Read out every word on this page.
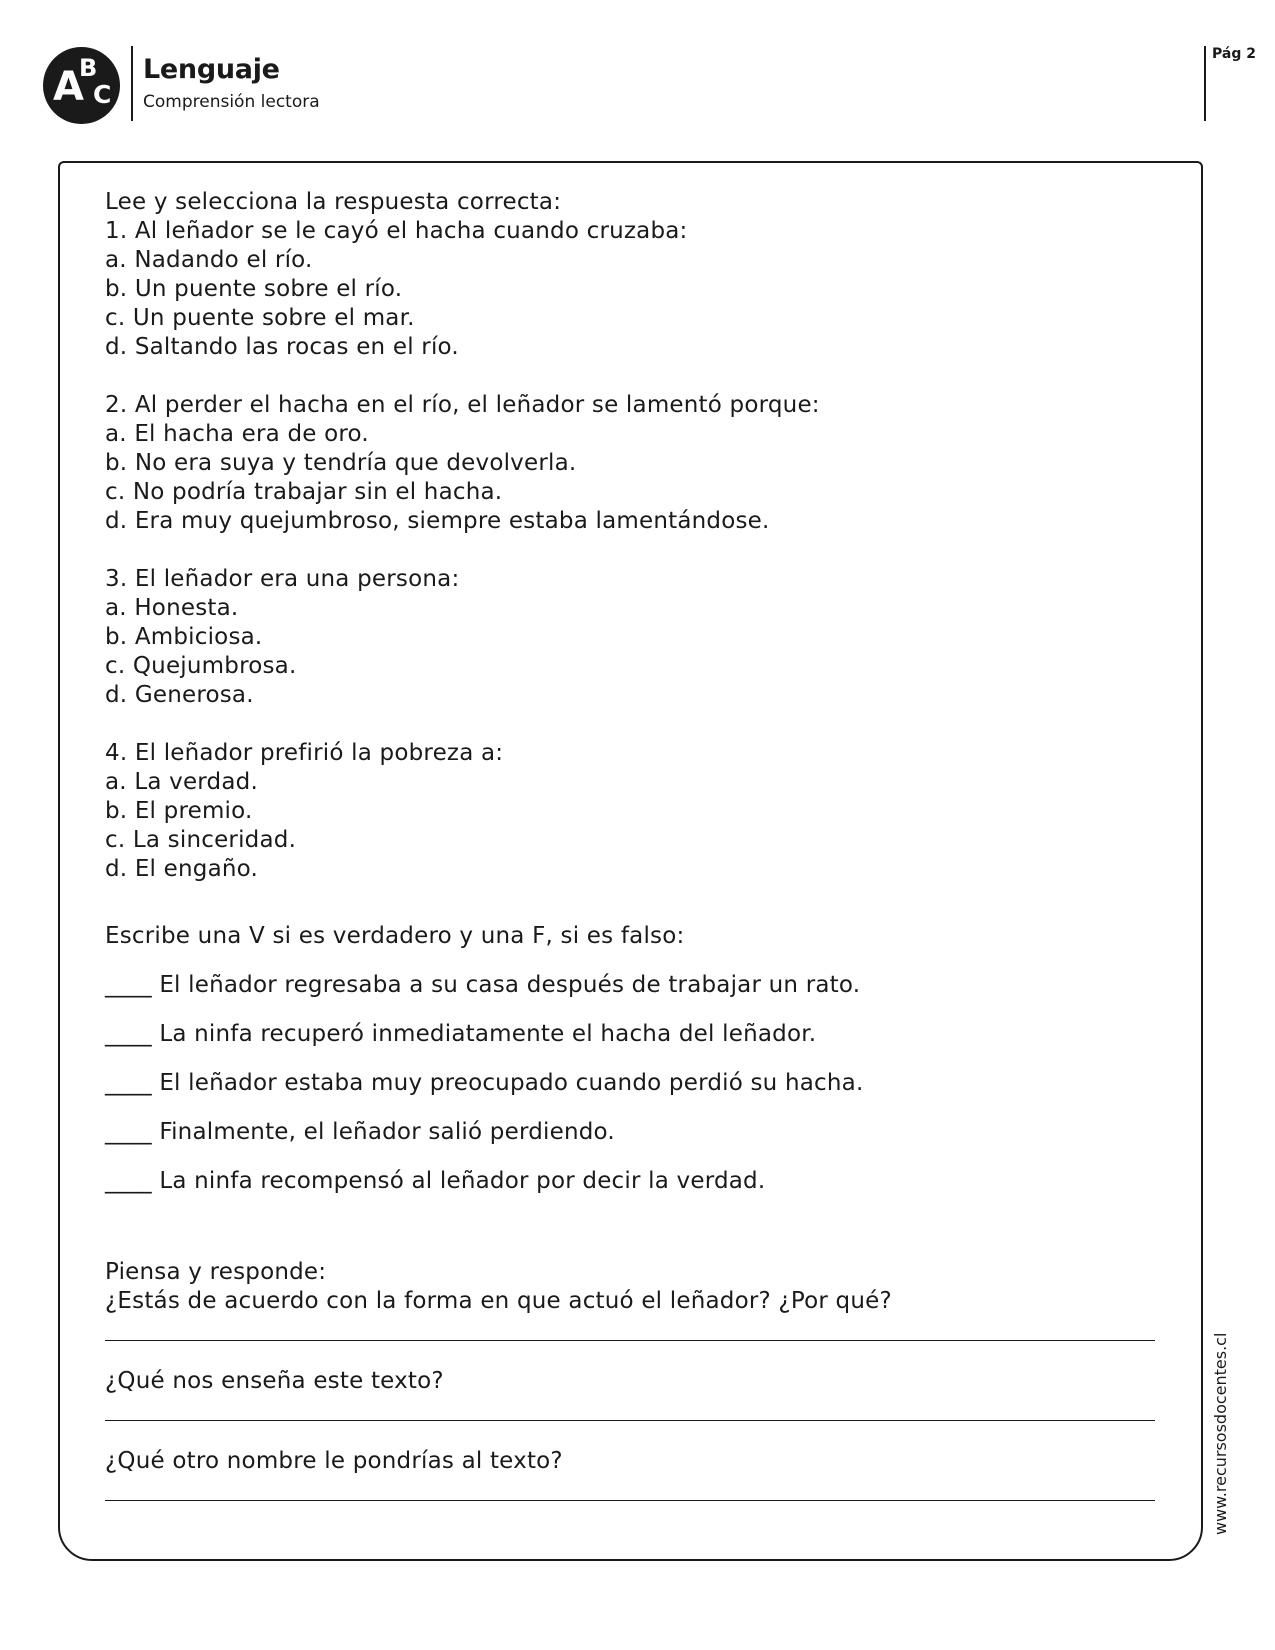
A
B
C
Lenguaje
Comprensión lectora
Pág 2

Lee y selecciona la respuesta correcta:

1. Al leñador se le cayó el hacha cuando cruzaba:

a. Nadando el río.

b. Un puente sobre el río.

c. Un puente sobre el mar.

d. Saltando las rocas en el río.

2. Al perder el hacha en el río, el leñador se lamentó porque:

a. El hacha era de oro.

b. No era suya y tendría que devolverla.

c. No podría trabajar sin el hacha.

d. Era muy quejumbroso, siempre estaba lamentándose.

3. El leñador era una persona:

a. Honesta.

b. Ambiciosa.

c. Quejumbrosa.

d. Generosa.

4. El leñador prefirió la pobreza a:

a. La verdad.

b. El premio.

c. La sinceridad.

d. El engaño.

Escribe una V si es verdadero y una F, si es falso:

____ El leñador regresaba a su casa después de trabajar un rato.

____ La ninfa recuperó inmediatamente el hacha del leñador.

____ El leñador estaba muy preocupado cuando perdió su hacha.

____ Finalmente, el leñador salió perdiendo.

____ La ninfa recompensó al leñador por decir la verdad.

Piensa y responde:

¿Estás de acuerdo con la forma en que actuó el leñador? ¿Por qué?

¿Qué nos enseña este texto?

¿Qué otro nombre le pondrías al texto?	www.recursosdocentes.cl
